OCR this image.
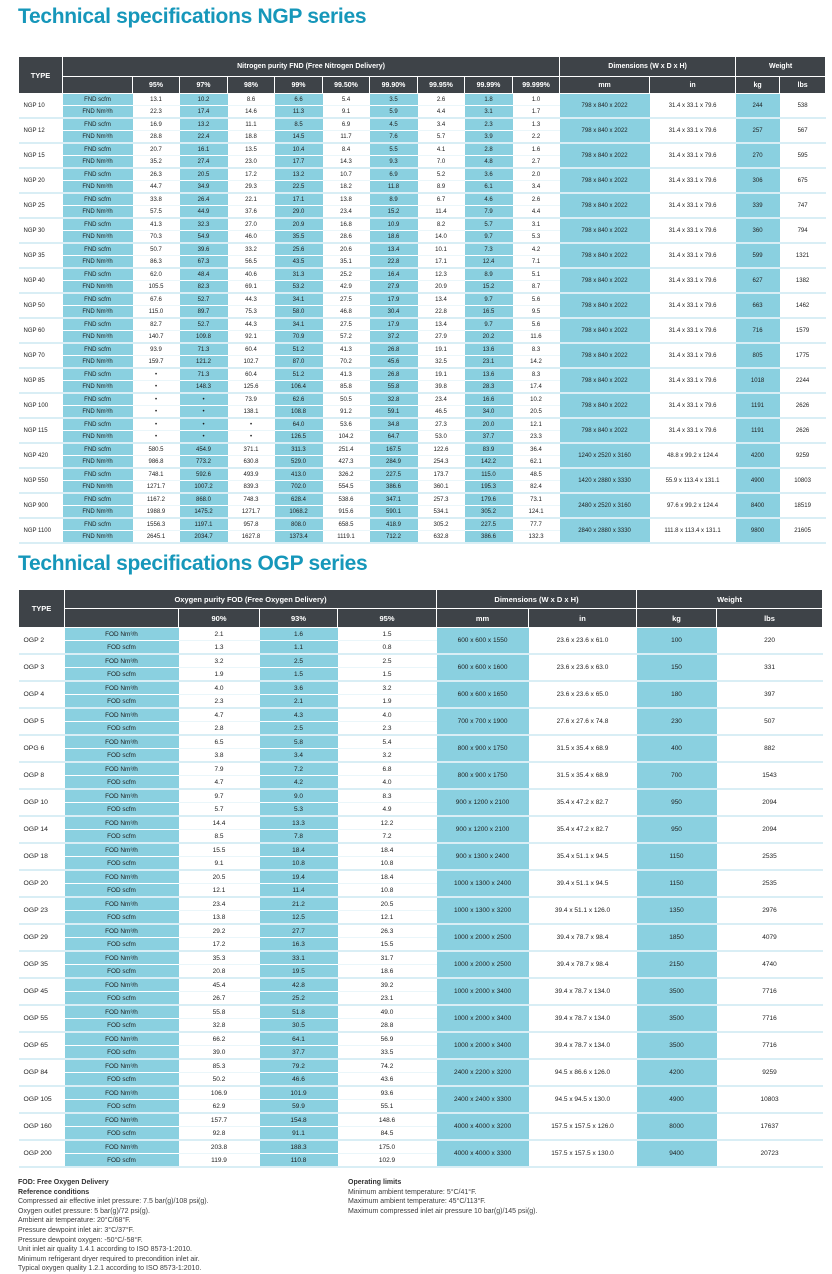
Technical specifications NGP series
TYPE	Nitrogen purity FND (Free Nitrogen Delivery)										Dimensions (W x D x H)		Weight	
		95%	97%	98%	99%	99.50%	99.90%	99.95%	99.99%	99.999%	mm	in	kg	lbs
NGP 10	FND scfm	13.1	10.2	8.6	6.6	5.4	3.5	2.6	1.8	1.0	798 x 840 x 2022	31.4 x 33.1 x 79.6	244	538
	FND Nm³/h	22.3	17.4	14.6	11.3	9.1	5.9	4.4	3.1	1.7				
NGP 12	FND scfm	16.9	13.2	11.1	8.5	6.9	4.5	3.4	2.3	1.3	798 x 840 x 2022	31.4 x 33.1 x 79.6	257	567
	FND Nm³/h	28.8	22.4	18.8	14.5	11.7	7.6	5.7	3.9	2.2				
NGP 15	FND scfm	20.7	16.1	13.5	10.4	8.4	5.5	4.1	2.8	1.6	798 x 840 x 2022	31.4 x 33.1 x 79.6	270	595
	FND Nm³/h	35.2	27.4	23.0	17.7	14.3	9.3	7.0	4.8	2.7				
NGP 20	FND scfm	26.3	20.5	17.2	13.2	10.7	6.9	5.2	3.6	2.0	798 x 840 x 2022	31.4 x 33.1 x 79.6	306	675
	FND Nm³/h	44.7	34.9	29.3	22.5	18.2	11.8	8.9	6.1	3.4				
NGP 25	FND scfm	33.8	26.4	22.1	17.1	13.8	8.9	6.7	4.6	2.6	798 x 840 x 2022	31.4 x 33.1 x 79.6	339	747
	FND Nm³/h	57.5	44.9	37.6	29.0	23.4	15.2	11.4	7.9	4.4				
NGP 30	FND scfm	41.3	32.3	27.0	20.9	16.8	10.9	8.2	5.7	3.1	798 x 840 x 2022	31.4 x 33.1 x 79.6	360	794
	FND Nm³/h	70.3	54.9	46.0	35.5	28.6	18.6	14.0	9.7	5.3				
NGP 35	FND scfm	50.7	39.6	33.2	25.6	20.6	13.4	10.1	7.3	4.2	798 x 840 x 2022	31.4 x 33.1 x 79.6	599	1321
	FND Nm³/h	86.3	67.3	56.5	43.5	35.1	22.8	17.1	12.4	7.1				
NGP 40	FND scfm	62.0	48.4	40.6	31.3	25.2	16.4	12.3	8.9	5.1	798 x 840 x 2022	31.4 x 33.1 x 79.6	627	1382
	FND Nm³/h	105.5	82.3	69.1	53.2	42.9	27.9	20.9	15.2	8.7				
NGP 50	FND scfm	67.6	52.7	44.3	34.1	27.5	17.9	13.4	9.7	5.6	798 x 840 x 2022	31.4 x 33.1 x 79.6	663	1462
	FND Nm³/h	115.0	89.7	75.3	58.0	46.8	30.4	22.8	16.5	9.5				
NGP 60	FND scfm	82.7	52.7	44.3	34.1	27.5	17.9	13.4	9.7	5.6	798 x 840 x 2022	31.4 x 33.1 x 79.6	716	1579
	FND Nm³/h	140.7	109.8	92.1	70.9	57.2	37.2	27.9	20.2	11.6				
NGP 70	FND scfm	93.9	71.3	60.4	51.2	41.3	26.8	19.1	13.6	8.3	798 x 840 x 2022	31.4 x 33.1 x 79.6	805	1775
	FND Nm³/h	159.7	121.2	102.7	87.0	70.2	45.6	32.5	23.1	14.2				
NGP 85	FND scfm	•	71.3	60.4	51.2	41.3	26.8	19.1	13.6	8.3	798 x 840 x 2022	31.4 x 33.1 x 79.6	1018	2244
	FND Nm³/h	•	148.3	125.6	106.4	85.8	55.8	39.8	28.3	17.4				
NGP 100	FND scfm	•	•	73.9	62.6	50.5	32.8	23.4	16.6	10.2	798 x 840 x 2022	31.4 x 33.1 x 79.6	1191	2626
	FND Nm³/h	•	•	138.1	108.8	91.2	59.1	46.5	34.0	20.5				
NGP 115	FND scfm	•	•	•	64.0	53.6	34.8	27.3	20.0	12.1	798 x 840 x 2022	31.4 x 33.1 x 79.6	1191	2626
	FND Nm³/h	•	•	•	126.5	104.2	64.7	53.0	37.7	23.3				
NGP 420	FND scfm	580.5	454.9	371.1	311.3	251.4	167.5	122.6	83.9	36.4	1240 x 2520 x 3160	48.8 x 99.2 x 124.4	4200	9259
	FND Nm³/h	986.8	773.2	630.8	529.0	427.3	284.9	254.3	142.2	62.1				
NGP 550	FND scfm	748.1	592.6	493.9	413.0	326.2	227.5	173.7	115.0	48.5	1420 x 2880 x 3330	55.9 x 113.4 x 131.1	4900	10803
	FND Nm³/h	1271.7	1007.2	839.3	702.0	554.5	386.6	360.1	195.3	82.4				
NGP 900	FND scfm	1167.2	868.0	748.3	628.4	538.6	347.1	257.3	179.6	73.1	2480 x 2520 x 3160	97.6 x 99.2 x 124.4	8400	18519
	FND Nm³/h	1988.9	1475.2	1271.7	1068.2	915.6	590.1	534.1	305.2	124.1				
NGP 1100	FND scfm	1556.3	1197.1	957.8	808.0	658.5	418.9	305.2	227.5	77.7	2840 x 2880 x 3330	111.8 x 113.4 x 131.1	9800	21605
	FND Nm³/h	2645.1	2034.7	1627.8	1373.4	1119.1	712.2	632.8	386.6	132.3				
Technical specifications OGP series
TYPE	Oxygen purity FOD (Free Oxygen Delivery)				Dimensions (W x D x H)		Weight	
		90%	93%	95%	mm	in	kg	lbs
OGP 2	FOD Nm³/h	2.1	1.6	1.5	600 x 600 x 1550	23.6 x 23.6 x 61.0	100	220
	FOD scfm	1.3	1.1	0.8				
OGP 3	FOD Nm³/h	3.2	2.5	2.5	600 x 600 x 1600	23.6 x 23.6 x 63.0	150	331
	FOD scfm	1.9	1.5	1.5				
OGP 4	FOD Nm³/h	4.0	3.6	3.2	600 x 600 x 1650	23.6 x 23.6 x 65.0	180	397
	FOD scfm	2.3	2.1	1.9				
OGP 5	FOD Nm³/h	4.7	4.3	4.0	700 x 700 x 1900	27.6 x 27.6 x 74.8	230	507
	FOD scfm	2.8	2.5	2.3				
OPG 6	FOD Nm³/h	6.5	5.8	5.4	800 x 900 x 1750	31.5 x 35.4 x 68.9	400	882
	FOD scfm	3.8	3.4	3.2				
OGP 8	FOD Nm³/h	7.9	7.2	6.8	800 x 900 x 1750	31.5 x 35.4 x 68.9	700	1543
	FOD scfm	4.7	4.2	4.0				
OGP 10	FOD Nm³/h	9.7	9.0	8.3	900 x 1200 x 2100	35.4 x 47.2 x 82.7	950	2094
	FOD scfm	5.7	5.3	4.9				
OGP 14	FOD Nm³/h	14.4	13.3	12.2	900 x 1200 x 2100	35.4 x 47.2 x 82.7	950	2094
	FOD scfm	8.5	7.8	7.2				
OGP 18	FOD Nm³/h	15.5	18.4	18.4	900 x 1300 x 2400	35.4 x 51.1 x 94.5	1150	2535
	FOD scfm	9.1	10.8	10.8				
OGP 20	FOD Nm³/h	20.5	19.4	18.4	1000 x 1300 x 2400	39.4 x 51.1 x 94.5	1150	2535
	FOD scfm	12.1	11.4	10.8				
OGP 23	FOD Nm³/h	23.4	21.2	20.5	1000 x 1300 x 3200	39.4 x 51.1 x 126.0	1350	2976
	FOD scfm	13.8	12.5	12.1				
OGP 29	FOD Nm³/h	29.2	27.7	26.3	1000 x 2000 x 2500	39.4 x 78.7 x 98.4	1850	4079
	FOD scfm	17.2	16.3	15.5				
OGP 35	FOD Nm³/h	35.3	33.1	31.7	1000 x 2000 x 2500	39.4 x 78.7 x 98.4	2150	4740
	FOD scfm	20.8	19.5	18.6				
OGP 45	FOD Nm³/h	45.4	42.8	39.2	1000 x 2000 x 3400	39.4 x 78.7 x 134.0	3500	7716
	FOD scfm	26.7	25.2	23.1				
OGP 55	FOD Nm³/h	55.8	51.8	49.0	1000 x 2000 x 3400	39.4 x 78.7 x 134.0	3500	7716
	FOD scfm	32.8	30.5	28.8				
OGP 65	FOD Nm³/h	66.2	64.1	56.9	1000 x 2000 x 3400	39.4 x 78.7 x 134.0	3500	7716
	FOD scfm	39.0	37.7	33.5				
OGP 84	FOD Nm³/h	85.3	79.2	74.2	2400 x 2200 x 3200	94.5 x 86.6 x 126.0	4200	9259
	FOD scfm	50.2	46.6	43.6				
OGP 105	FOD Nm³/h	106.9	101.9	93.6	2400 x 2400 x 3300	94.5 x 94.5 x 130.0	4900	10803
	FOD scfm	62.9	59.9	55.1				
OGP 160	FOD Nm³/h	157.7	154.8	148.6	4000 x 4000 x 3200	157.5 x 157.5 x 126.0	8000	17637
	FOD scfm	92.8	91.1	84.5				
OGP 200	FOD Nm³/h	203.8	188.3	175.0	4000 x 4000 x 3300	157.5 x 157.5 x 130.0	9400	20723
	FOD scfm	119.9	110.8	102.9				
FOD: Free Oxygen Delivery
Reference conditions
Compressed air effective inlet pressure: 7.5 bar(g)/108 psi(g).
Oxygen outlet pressure: 5 bar(g)/72 psi(g).
Ambient air temperature: 20°C/68°F.
Pressure dewpoint inlet air: 3°C/37°F.
Pressure dewpoint oxygen: -50°C/-58°F.
Unit inlet air quality 1.4.1 according to ISO 8573-1:2010.
Minimum refrigerant dryer required to precondition inlet air.
Typical oxygen quality 1.2.1 according to ISO 8573-1:2010.
Operating limits
Minimum ambient temperature: 5°C/41°F.
Maximum ambient temperature: 45°C/113°F.
Maximum compressed inlet air pressure 10 bar(g)/145 psi(g).
